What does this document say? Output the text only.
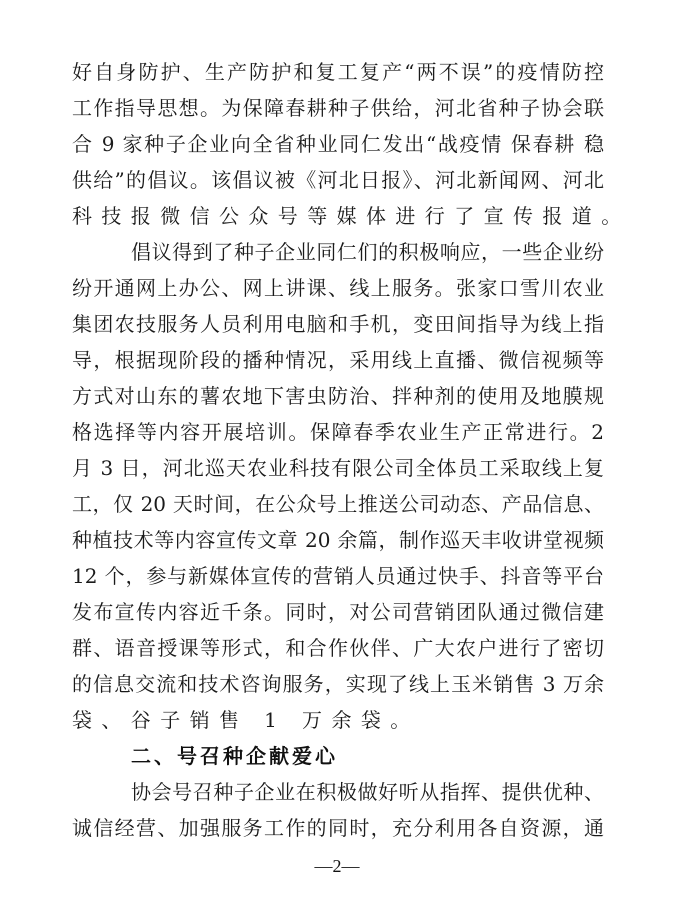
好自身防护、生产防护和复工复产“两不误”的疫情防控
工作指导思想。为保障春耕种子供给，河北省种子协会联
合 9 家种子企业向全省种业同仁发出“战疫情 保春耕 稳
供给”的倡议。该倡议被《河北日报》、河北新闻网、河北
科技报微信公众号等媒体进行了宣传报道。
倡议得到了种子企业同仁们的积极响应，一些企业纷
纷开通网上办公、网上讲课、线上服务。张家口雪川农业
集团农技服务人员利用电脑和手机，变田间指导为线上指
导，根据现阶段的播种情况，采用线上直播、微信视频等
方式对山东的薯农地下害虫防治、拌种剂的使用及地膜规
格选择等内容开展培训。保障春季农业生产正常进行。2
月 3 日，河北巡天农业科技有限公司全体员工采取线上复
工，仅 20 天时间，在公众号上推送公司动态、产品信息、
种植技术等内容宣传文章 20 余篇，制作巡天丰收讲堂视频
12 个，参与新媒体宣传的营销人员通过快手、抖音等平台
发布宣传内容近千条。同时，对公司营销团队通过微信建
群、语音授课等形式，和合作伙伴、广大农户进行了密切
的信息交流和技术咨询服务，实现了线上玉米销售 3 万余
袋、谷子销售 1 万余袋。
二、号召种企献爱心
协会号召种子企业在积极做好听从指挥、提供优种、
诚信经营、加强服务工作的同时，充分利用各自资源，通
—2—
